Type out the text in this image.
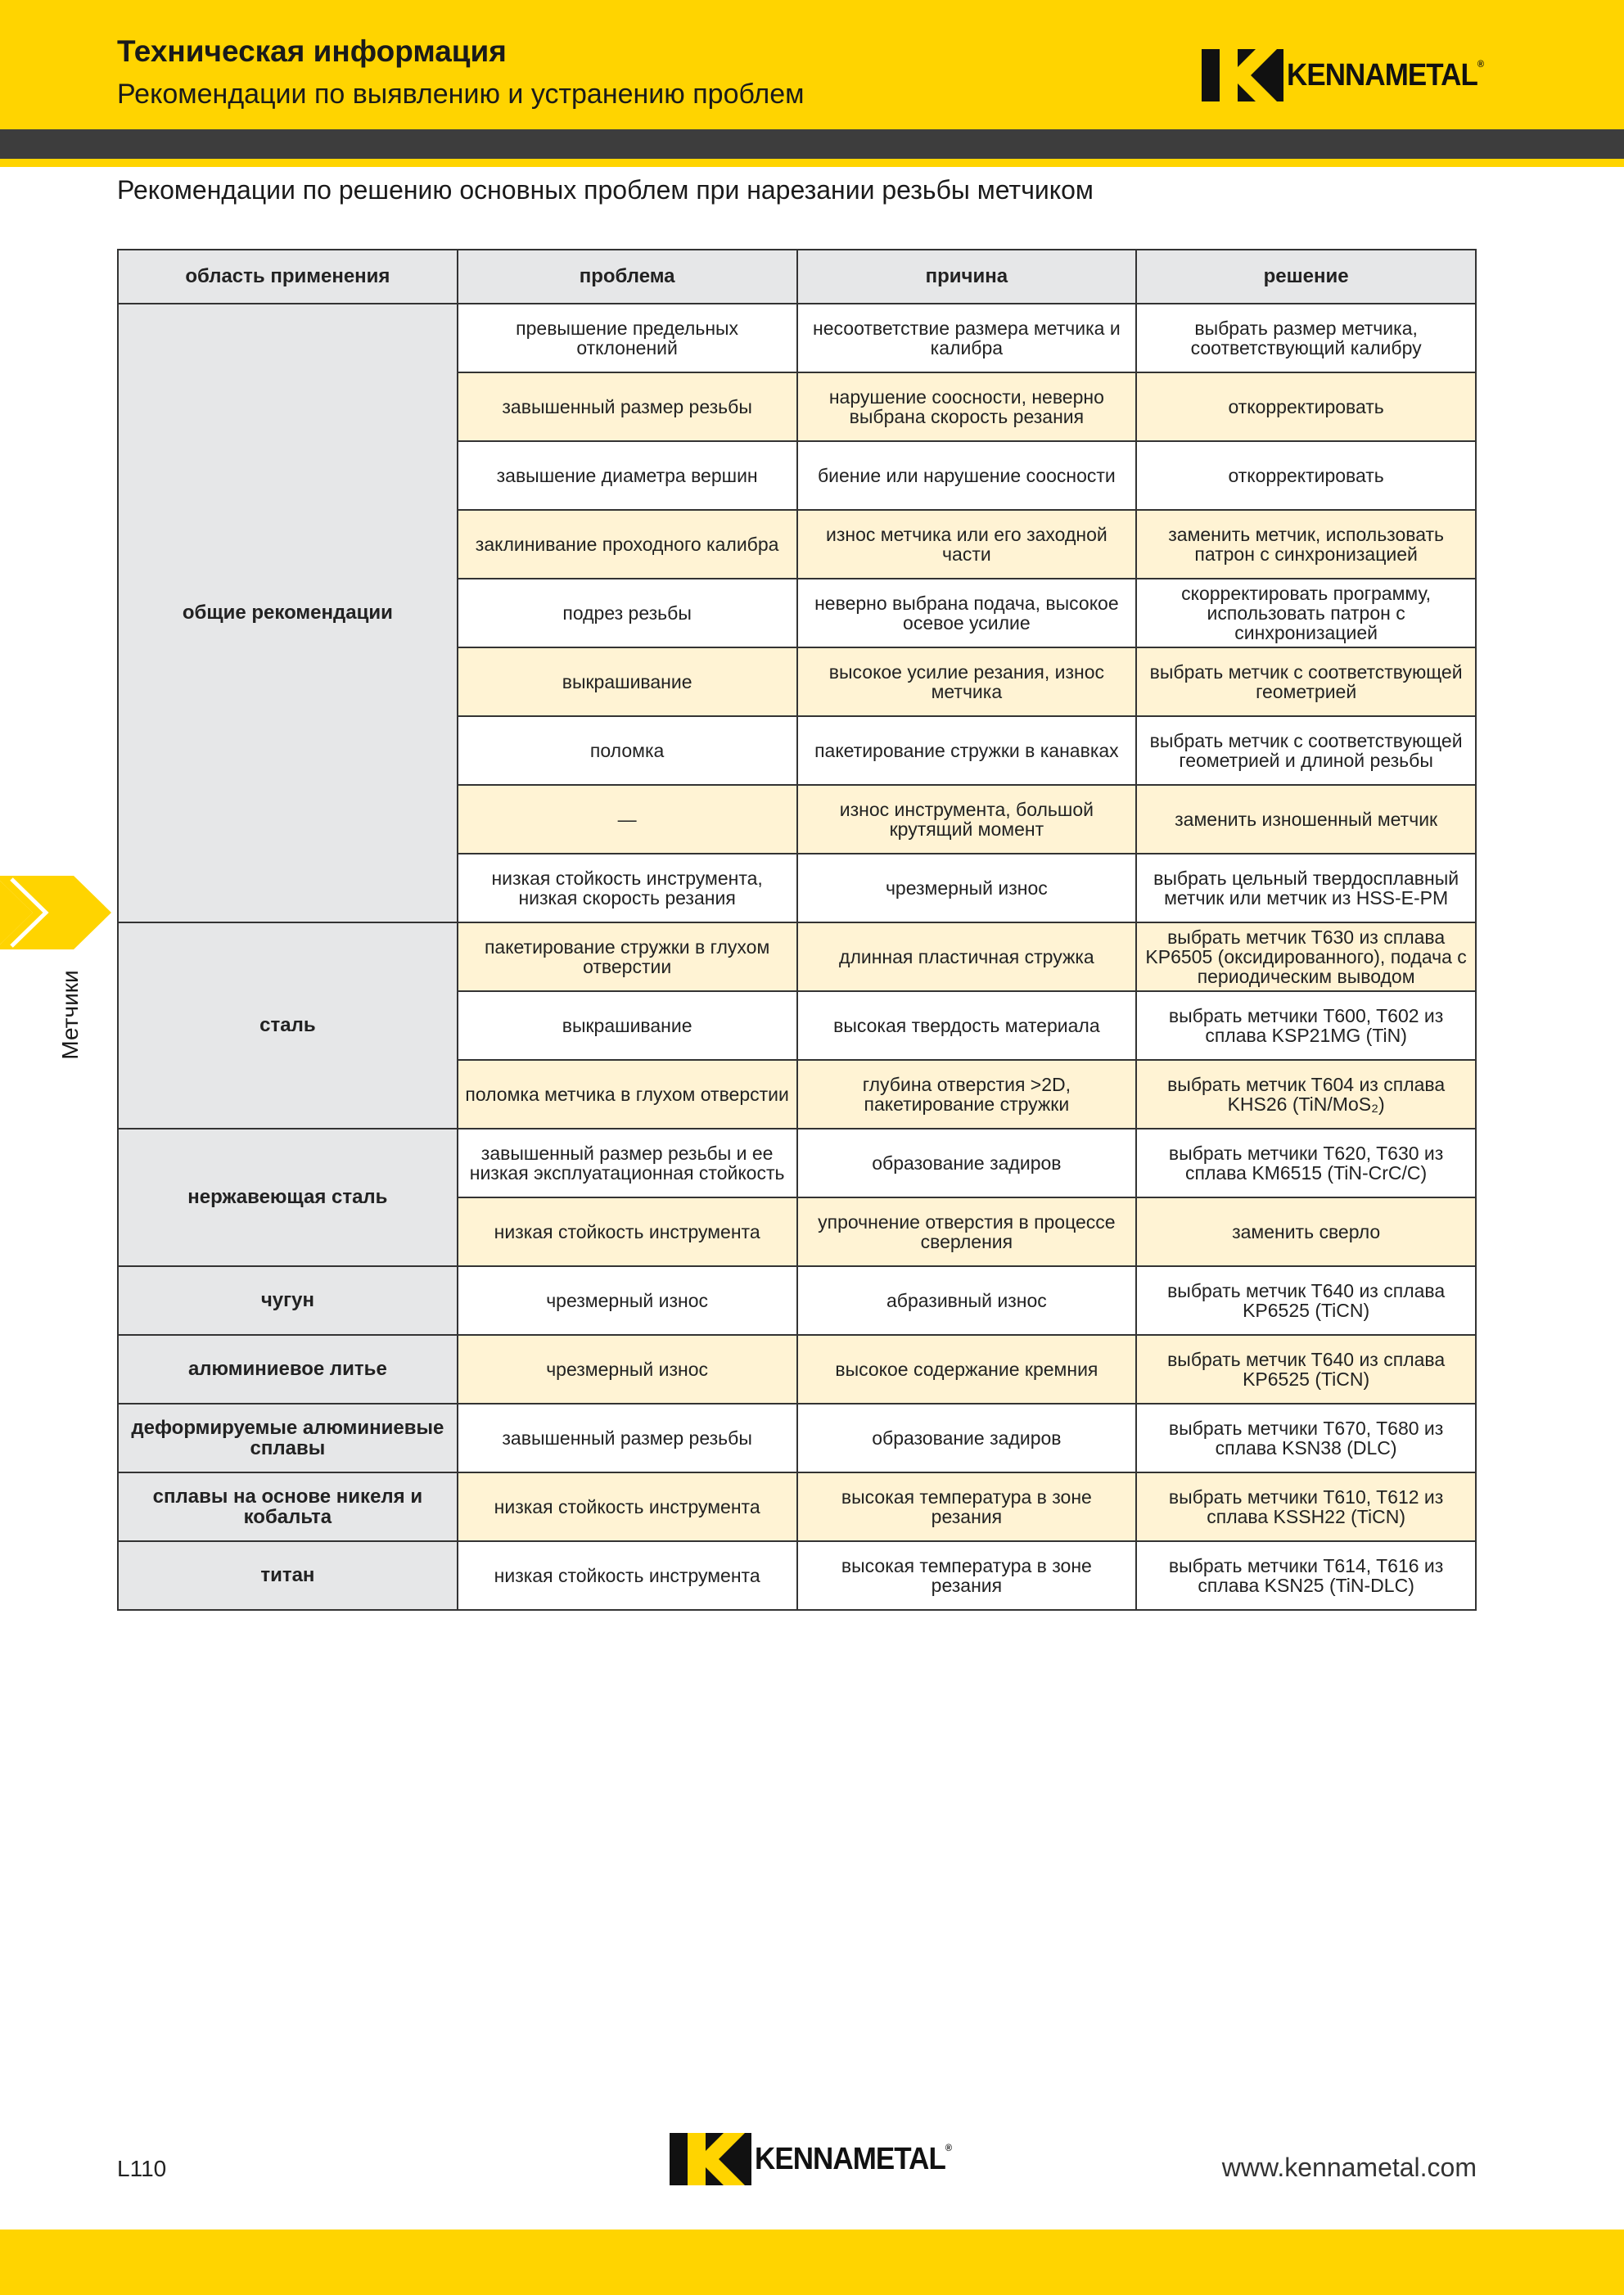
Техническая информация
Рекомендации по выявлению и устранению проблем
KENNAMETAL®
Рекомендации по решению основных проблем при нарезании резьбы метчиком
Метчики
область применения	проблема	причина	решение
общие рекомендации	превышение предельных отклонений	несоответствие размера метчика и калибра	выбрать размер метчика, соответствующий калибру
	завышенный размер резьбы	нарушение соосности, неверно выбрана скорость резания	откорректировать
	завышение диаметра вершин	биение или нарушение соосности	откорректировать
	заклинивание проходного калибра	износ метчика или его заходной части	заменить метчик, использовать патрон с синхронизацией
	подрез резьбы	неверно выбрана подача, высокое осевое усилие	скорректировать программу, использовать патрон с синхронизацией
	выкрашивание	высокое усилие резания, износ метчика	выбрать метчик с соответствующей геометрией
	поломка	пакетирование стружки в канавках	выбрать метчик с соответствующей геометрией и длиной резьбы
	—	износ инструмента, большой крутящий момент	заменить изношенный метчик
	низкая стойкость инструмента, низкая скорость резания	чрезмерный износ	выбрать цельный твердосплавный метчик или метчик из HSS-E-PM
сталь	пакетирование стружки в глухом отверстии	длинная пластичная стружка	выбрать метчик T630 из сплава KP6505 (оксидированного), подача с периодическим выводом
	выкрашивание	высокая твердость материала	выбрать метчики T600, T602 из сплава KSP21MG (TiN)
	поломка метчика в глухом отверстии	глубина отверстия >2D, пакетирование стружки	выбрать метчик T604 из сплава KHS26 (TiN/MoS₂)
нержавеющая сталь	завышенный размер резьбы и ее низкая эксплуатационная стойкость	образование задиров	выбрать метчики T620, T630 из сплава KM6515 (TiN-CrC/C)
	низкая стойкость инструмента	упрочнение отверстия в процессе сверления	заменить сверло
чугун	чрезмерный износ	абразивный износ	выбрать метчик T640 из сплава KP6525 (TiCN)
алюминиевое литье	чрезмерный износ	высокое содержание кремния	выбрать метчик T640 из сплава KP6525 (TiCN)
деформируемые алюминиевые сплавы	завышенный размер резьбы	образование задиров	выбрать метчики T670, T680 из сплава KSN38 (DLC)
сплавы на основе никеля и кобальта	низкая стойкость инструмента	высокая температура в зоне резания	выбрать метчики T610, T612 из сплава KSSH22 (TiCN)
титан	низкая стойкость инструмента	высокая температура в зоне резания	выбрать метчики T614, T616 из сплава KSN25 (TiN-DLC)
L110	KENNAMETAL®
www.kennametal.com
